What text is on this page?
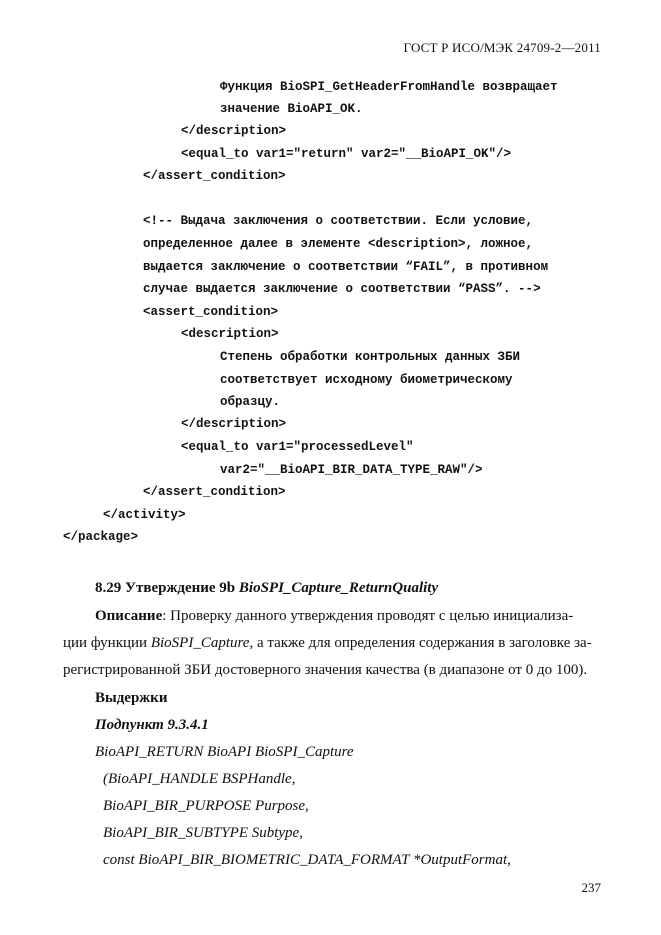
ГОСТ Р ИСО/МЭК 24709-2—2011
Функция BioSPI_GetHeaderFromHandle возвращает
значение BioAPI_OK.
</description>
<equal_to var1="return" var2="__BioAPI_OK"/>
</assert_condition>
<!-- Выдача заключения о соответствии. Если условие,
определенное далее в элементе <description>, ложное,
выдается заключение о соответствии “FAIL”, в противном
случае выдается заключение о соответствии “PASS”. -->
<assert_condition>
<description>
Степень обработки контрольных данных ЗБИ
соответствует исходному биометрическому
образцу.
</description>
<equal_to var1="processedLevel"
var2="__BioAPI_BIR_DATA_TYPE_RAW"/>
</assert_condition>
</activity>
</package>
8.29 Утверждение 9b BioSPI_Capture_ReturnQuality
Описание: Проверку данного утверждения проводят с целью инициализа-
ции функции BioSPI_Capture, а также для определения содержания в заголовке за-
регистрированной ЗБИ достоверного значения качества (в диапазоне от 0 до 100).
Выдержки
Подпункт 9.3.4.1
BioAPI_RETURN BioAPI BioSPI_Capture
(BioAPI_HANDLE BSPHandle,
BioAPI_BIR_PURPOSE Purpose,
BioAPI_BIR_SUBTYPE Subtype,
const BioAPI_BIR_BIOMETRIC_DATA_FORMAT *OutputFormat,
237
